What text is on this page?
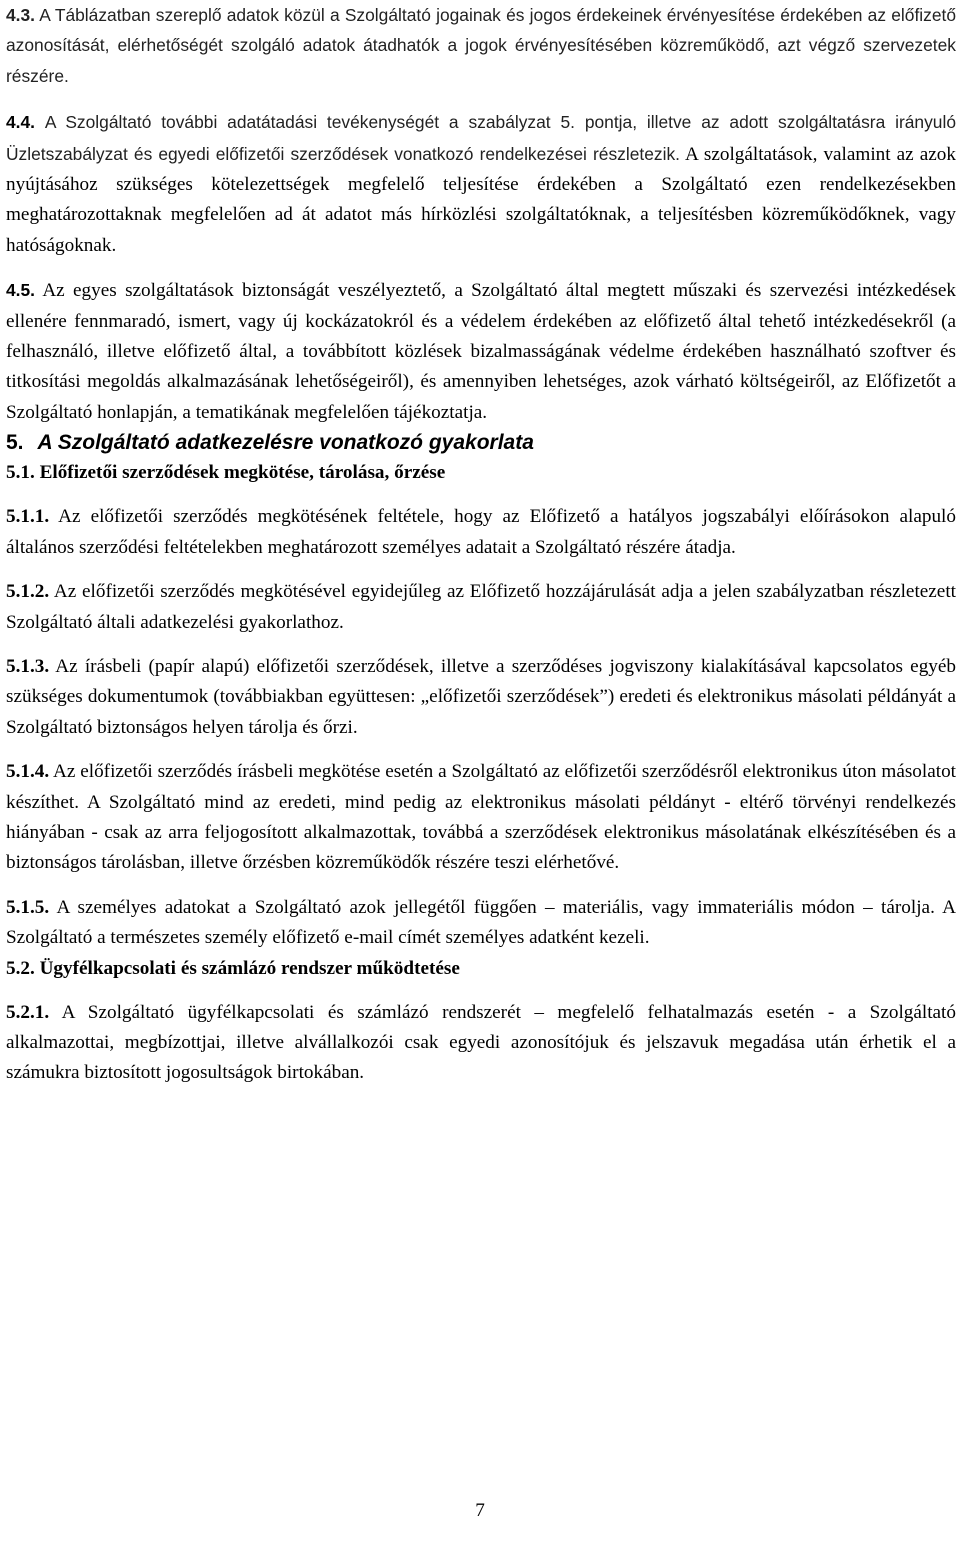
4.3. A Táblázatban szereplő adatok közül a Szolgáltató jogainak és jogos érdekeinek érvényesítése érdekében az előfizető azonosítását, elérhetőségét szolgáló adatok átadhatók a jogok érvényesítésében közreműködő, azt végző szervezetek részére.

4.4. A Szolgáltató további adatátadási tevékenységét a szabályzat 5. pontja, illetve az adott szolgáltatásra irányuló Üzletszabályzat és egyedi előfizetői szerződések vonatkozó rendelkezései részletezik. A szolgáltatások, valamint az azok nyújtásához szükséges kötelezettségek megfelelő teljesítése érdekében a Szolgáltató ezen rendelkezésekben meghatározottaknak megfelelően ad át adatot más hírközlési szolgáltatóknak, a teljesítésben közreműködőknek, vagy hatóságoknak.

4.5. Az egyes szolgáltatások biztonságát veszélyeztető, a Szolgáltató által megtett műszaki és szervezési intézkedések ellenére fennmaradó, ismert, vagy új kockázatokról és a védelem érdekében az előfizető által tehető intézkedésekről (a felhasználó, illetve előfizető által, a továbbított közlések bizalmasságának védelme érdekében használható szoftver és titkosítási megoldás alkalmazásának lehetőségeiről), és amennyiben lehetséges, azok várható költségeiről, az Előfizetőt a Szolgáltató honlapján, a tematikának megfelelően tájékoztatja.

5. A Szolgáltató adatkezelésre vonatkozó gyakorlata
5.1. Előfizetői szerződések megkötése, tárolása, őrzése

5.1.1. Az előfizetői szerződés megkötésének feltétele, hogy az Előfizető a hatályos jogszabályi előírásokon alapuló általános szerződési feltételekben meghatározott személyes adatait a Szolgáltató részére átadja.

5.1.2. Az előfizetői szerződés megkötésével egyidejűleg az Előfizető hozzájárulását adja a jelen szabályzatban részletezett Szolgáltató általi adatkezelési gyakorlathoz.

5.1.3. Az írásbeli (papír alapú) előfizetői szerződések, illetve a szerződéses jogviszony kialakításával kapcsolatos egyéb szükséges dokumentumok (továbbiakban együttesen: „előfizetői szerződések”) eredeti és elektronikus másolati példányát a Szolgáltató biztonságos helyen tárolja és őrzi.

5.1.4. Az előfizetői szerződés írásbeli megkötése esetén a Szolgáltató az előfizetői szerződésről elektronikus úton másolatot készíthet. A Szolgáltató mind az eredeti, mind pedig az elektronikus másolati példányt - eltérő törvényi rendelkezés hiányában - csak az arra feljogosított alkalmazottak, továbbá a szerződések elektronikus másolatának elkészítésében és a biztonságos tárolásban, illetve őrzésben közreműködők részére teszi elérhetővé.

5.1.5. A személyes adatokat a Szolgáltató azok jellegétől függően – materiális, vagy immateriális módon – tárolja. A Szolgáltató a természetes személy előfizető e-mail címét személyes adatként kezeli.

5.2. Ügyfélkapcsolati és számlázó rendszer működtetése

5.2.1. A Szolgáltató ügyfélkapcsolati és számlázó rendszerét – megfelelő felhatalmazás esetén - a Szolgáltató alkalmazottai, megbízottjai, illetve alvállalkozói csak egyedi azonosítójuk és jelszavuk megadása után érhetik el a számukra biztosított jogosultságok birtokában.

7
